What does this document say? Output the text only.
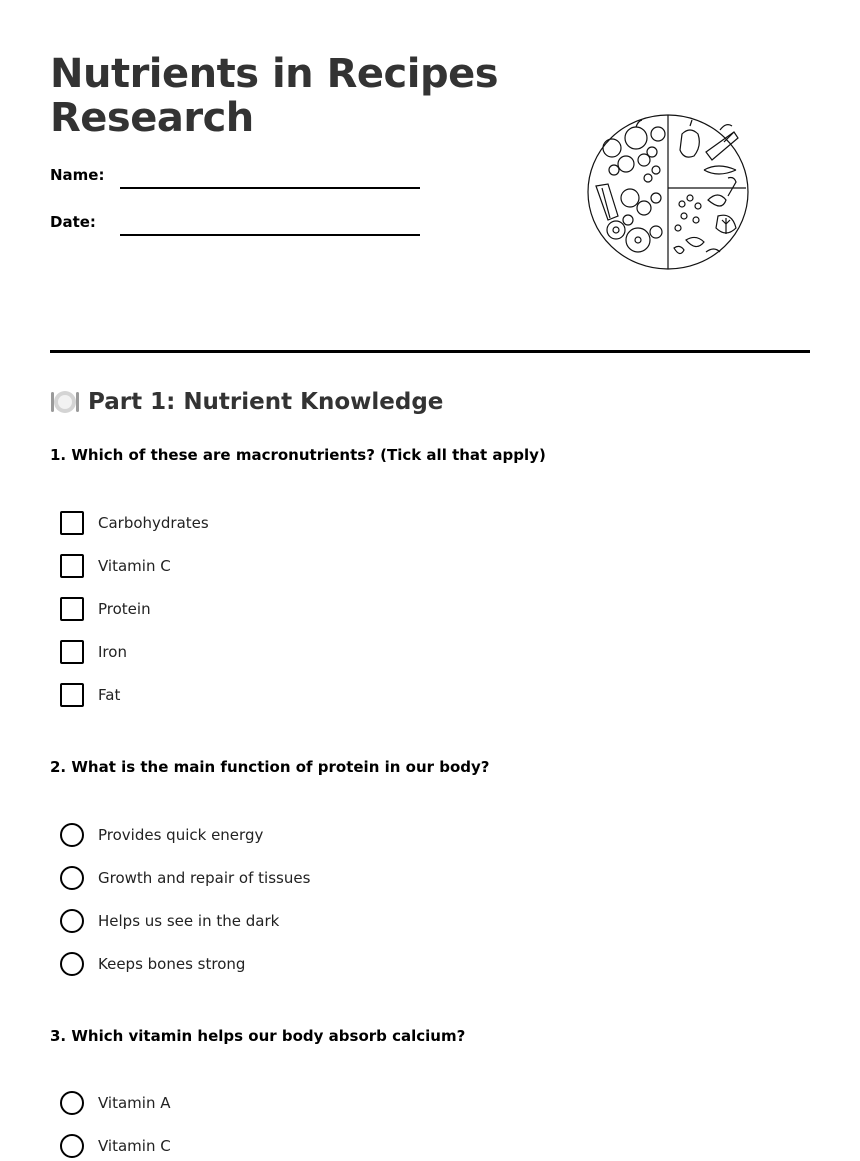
Nutrients in Recipes Research
Name:
Date:
Part 1: Nutrient Knowledge
1. Which of these are macronutrients? (Tick all that apply)
Carbohydrates
Vitamin C
Protein
Iron
Fat
2. What is the main function of protein in our body?
Provides quick energy
Growth and repair of tissues
Helps us see in the dark
Keeps bones strong
3. Which vitamin helps our body absorb calcium?
Vitamin A
Vitamin C
